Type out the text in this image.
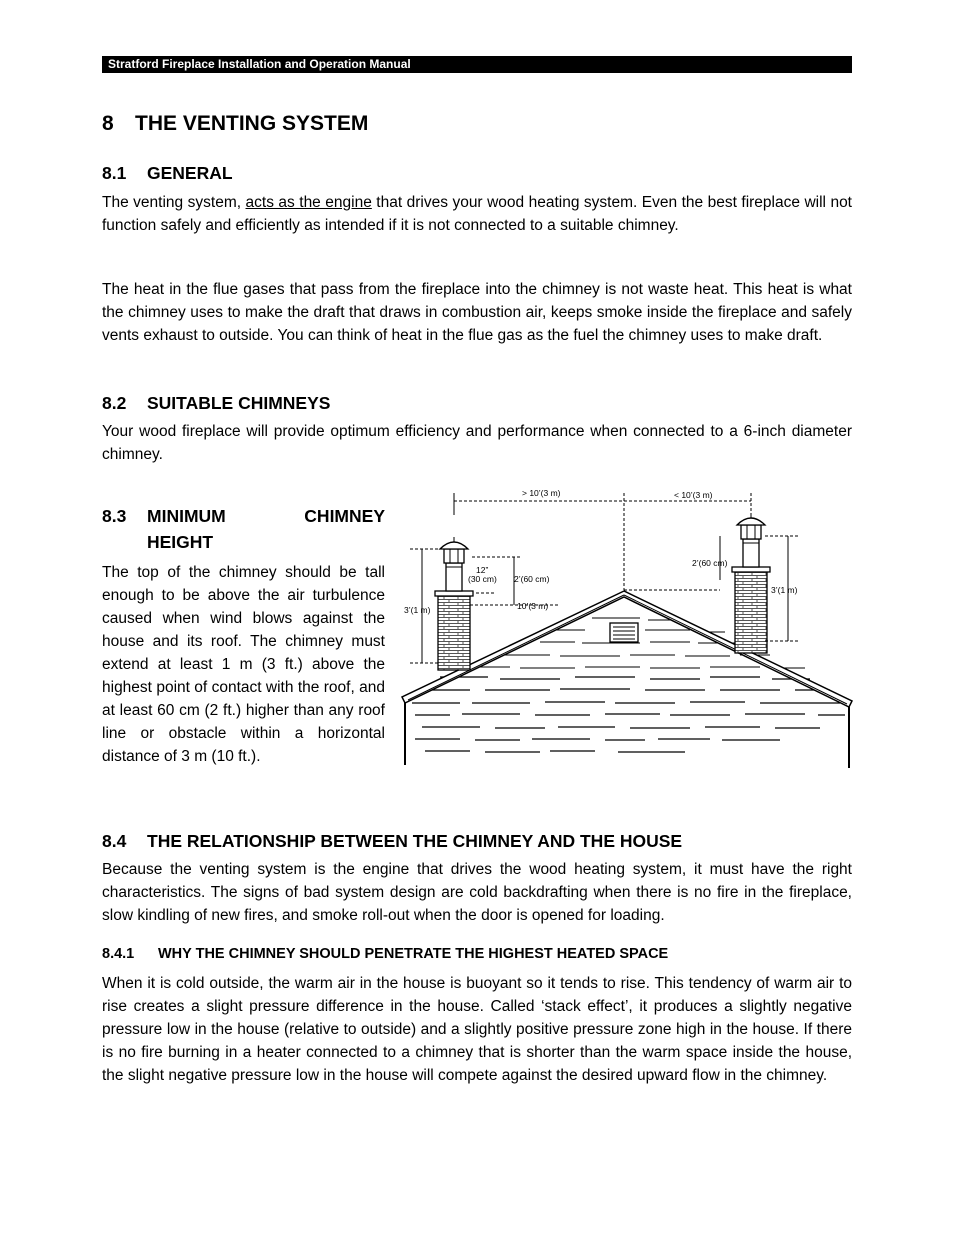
Stratford Fireplace Installation and Operation Manual
8 THE VENTING SYSTEM
8.1 GENERAL

The venting system, acts as the engine that drives your wood heating system. Even the best fireplace will not function safely and efficiently as intended if it is not connected to a suitable chimney.

The heat in the flue gases that pass from the fireplace into the chimney is not waste heat. This heat is what the chimney uses to make the draft that draws in combustion air, keeps smoke inside the fireplace and safely vents exhaust to outside. You can think of heat in the flue gas as the fuel the chimney uses to make draft.

8.2 SUITABLE CHIMNEYS

Your wood fireplace will provide optimum efficiency and performance when connected to a 6-inch diameter chimney.

8.3	MINIMUM CHIMNEY
HEIGHT

The top of the chimney should be tall enough to be above the air turbulence caused when wind blows against the house and its roof. The chimney must extend at least 1 m (3 ft.) above the highest point of contact with the roof, and at least 60 cm (2 ft.) higher than any roof line or obstacle within a horizontal distance of 3 m (10 ft.).

> 10’(3 m)	< 10’(3 m)
3’(1 m)
12”
(30 cm) 2’(60 cm)
10’(3 m)
2’(60 cm)
3’(1 m)
8.4 THE RELATIONSHIP BETWEEN THE CHIMNEY AND THE HOUSE

Because the venting system is the engine that drives the wood heating system, it must have the right characteristics. The signs of bad system design are cold backdrafting when there is no fire in the fireplace, slow kindling of new fires, and smoke roll-out when the door is opened for loading.

8.4.1 WHY THE CHIMNEY SHOULD PENETRATE THE HIGHEST HEATED SPACE

When it is cold outside, the warm air in the house is buoyant so it tends to rise. This tendency of warm air to rise creates a slight pressure difference in the house. Called ‘stack effect’, it produces a slightly negative pressure low in the house (relative to outside) and a slightly positive pressure zone high in the house. If there is no fire burning in a heater connected to a chimney that is shorter than the warm space inside the house, the slight negative pressure low in the house will compete against the desired upward flow in the chimney.
